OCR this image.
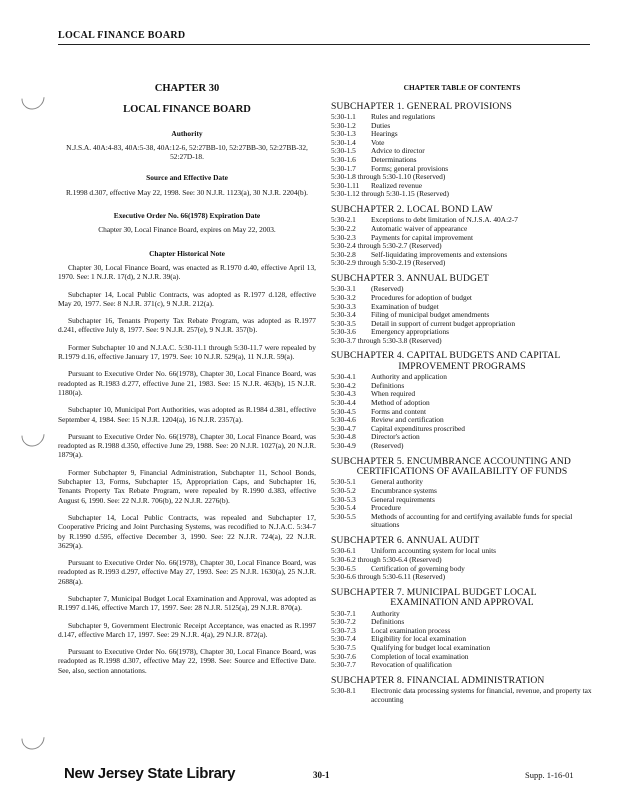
LOCAL FINANCE BOARD
CHAPTER 30
LOCAL FINANCE BOARD
Authority
N.J.S.A. 40A:4-83, 40A:5-38, 40A:12-6, 52:27BB-10, 52:27BB-30, 52:27BB-32, 52:27D-18.
Source and Effective Date
R.1998 d.307, effective May 22, 1998. See: 30 N.J.R. 1123(a), 30 N.J.R. 2204(b).
Executive Order No. 66(1978) Expiration Date
Chapter 30, Local Finance Board, expires on May 22, 2003.
Chapter Historical Note

Chapter 30, Local Finance Board, was enacted as R.1970 d.40, effective April 13, 1970. See: 1 N.J.R. 17(d), 2 N.J.R. 39(a).

Subchapter 14, Local Public Contracts, was adopted as R.1977 d.128, effective May 20, 1977. See: 8 N.J.R. 371(c), 9 N.J.R. 212(a).

Subchapter 16, Tenants Property Tax Rebate Program, was adopted as R.1977 d.241, effective July 8, 1977. See: 9 N.J.R. 257(e), 9 N.J.R. 357(b).

Former Subchapter 10 and N.J.A.C. 5:30-11.1 through 5:30-11.7 were repealed by R.1979 d.16, effective January 17, 1979. See: 10 N.J.R. 529(a), 11 N.J.R. 59(a).

Pursuant to Executive Order No. 66(1978), Chapter 30, Local Finance Board, was readopted as R.1983 d.277, effective June 21, 1983. See: 15 N.J.R. 463(b), 15 N.J.R. 1180(a).

Subchapter 10, Municipal Port Authorities, was adopted as R.1984 d.381, effective September 4, 1984. See: 15 N.J.R. 1204(a), 16 N.J.R. 2357(a).

Pursuant to Executive Order No. 66(1978), Chapter 30, Local Finance Board, was readopted as R.1988 d.350, effective June 29, 1988. See: 20 N.J.R. 1027(a), 20 N.J.R. 1879(a).

Former Subchapter 9, Financial Administration, Subchapter 11, School Bonds, Subchapter 13, Forms, Subchapter 15, Appropriation Caps, and Subchapter 16, Tenants Property Tax Rebate Program, were repealed by R.1990 d.383, effective August 6, 1990. See: 22 N.J.R. 706(b), 22 N.J.R. 2276(b).

Subchapter 14, Local Public Contracts, was repealed and Subchapter 17, Cooperative Pricing and Joint Purchasing Systems, was recodified to N.J.A.C. 5:34-7 by R.1990 d.595, effective December 3, 1990. See: 22 N.J.R. 724(a), 22 N.J.R. 3629(a).

Pursuant to Executive Order No. 66(1978), Chapter 30, Local Finance Board, was readopted as R.1993 d.297, effective May 27, 1993. See: 25 N.J.R. 1630(a), 25 N.J.R. 2688(a).

Subchapter 7, Municipal Budget Local Examination and Approval, was adopted as R.1997 d.146, effective March 17, 1997. See: 28 N.J.R. 5125(a), 29 N.J.R. 870(a).

Subchapter 9, Government Electronic Receipt Acceptance, was enacted as R.1997 d.147, effective March 17, 1997. See: 29 N.J.R. 4(a), 29 N.J.R. 872(a).

Pursuant to Executive Order No. 66(1978), Chapter 30, Local Finance Board, was readopted as R.1998 d.307, effective May 22, 1998. See: Source and Effective Date. See, also, section annotations.

CHAPTER TABLE OF CONTENTS
SUBCHAPTER 1. GENERAL PROVISIONS
5:30-1.1	Rules and regulations
5:30-1.2	Duties
5:30-1.3	Hearings
5:30-1.4	Vote
5:30-1.5	Advice to director
5:30-1.6	Determinations
5:30-1.7	Forms; general provisions
5:30-1.8 through 5:30-1.10 (Reserved)
5:30-1.11	Realized revenue
5:30-1.12 through 5:30-1.15 (Reserved)
SUBCHAPTER 2. LOCAL BOND LAW
5:30-2.1	Exceptions to debt limitation of N.J.S.A. 40A:2-7
5:30-2.2	Automatic waiver of appearance
5:30-2.3	Payments for capital improvement
5:30-2.4 through 5:30-2.7 (Reserved)
5:30-2.8	Self-liquidating improvements and extensions
5:30-2.9 through 5:30-2.19 (Reserved)
SUBCHAPTER 3. ANNUAL BUDGET
5:30-3.1	(Reserved)
5:30-3.2	Procedures for adoption of budget
5:30-3.3	Examination of budget
5:30-3.4	Filing of municipal budget amendments
5:30-3.5	Detail in support of current budget appropriation
5:30-3.6	Emergency appropriations
5:30-3.7 through 5:30-3.8 (Reserved)
SUBCHAPTER 4. CAPITAL BUDGETS AND CAPITAL
IMPROVEMENT PROGRAMS
5:30-4.1	Authority and application
5:30-4.2	Definitions
5:30-4.3	When required
5:30-4.4	Method of adoption
5:30-4.5	Forms and content
5:30-4.6	Review and certification
5:30-4.7	Capital expenditures proscribed
5:30-4.8	Director's action
5:30-4.9	(Reserved)
SUBCHAPTER 5. ENCUMBRANCE ACCOUNTING AND
CERTIFICATIONS OF AVAILABILITY OF FUNDS
5:30-5.1	General authority
5:30-5.2	Encumbrance systems
5:30-5.3	General requirements
5:30-5.4	Procedure
5:30-5.5	Methods of accounting for and certifying available funds for special situations
SUBCHAPTER 6. ANNUAL AUDIT
5:30-6.1	Uniform accounting system for local units
5:30-6.2 through 5:30-6.4 (Reserved)
5:30-6.5	Certification of governing body
5:30-6.6 through 5:30-6.11 (Reserved)
SUBCHAPTER 7. MUNICIPAL BUDGET LOCAL
EXAMINATION AND APPROVAL
5:30-7.1	Authority
5:30-7.2	Definitions
5:30-7.3	Local examination process
5:30-7.4	Eligibility for local examination
5:30-7.5	Qualifying for budget local examination
5:30-7.6	Completion of local examination
5:30-7.7	Revocation of qualification
SUBCHAPTER 8. FINANCIAL ADMINISTRATION
5:30-8.1	Electronic data processing systems for financial, revenue, and property tax accounting
New Jersey State Library	30-1	Supp. 1-16-01
